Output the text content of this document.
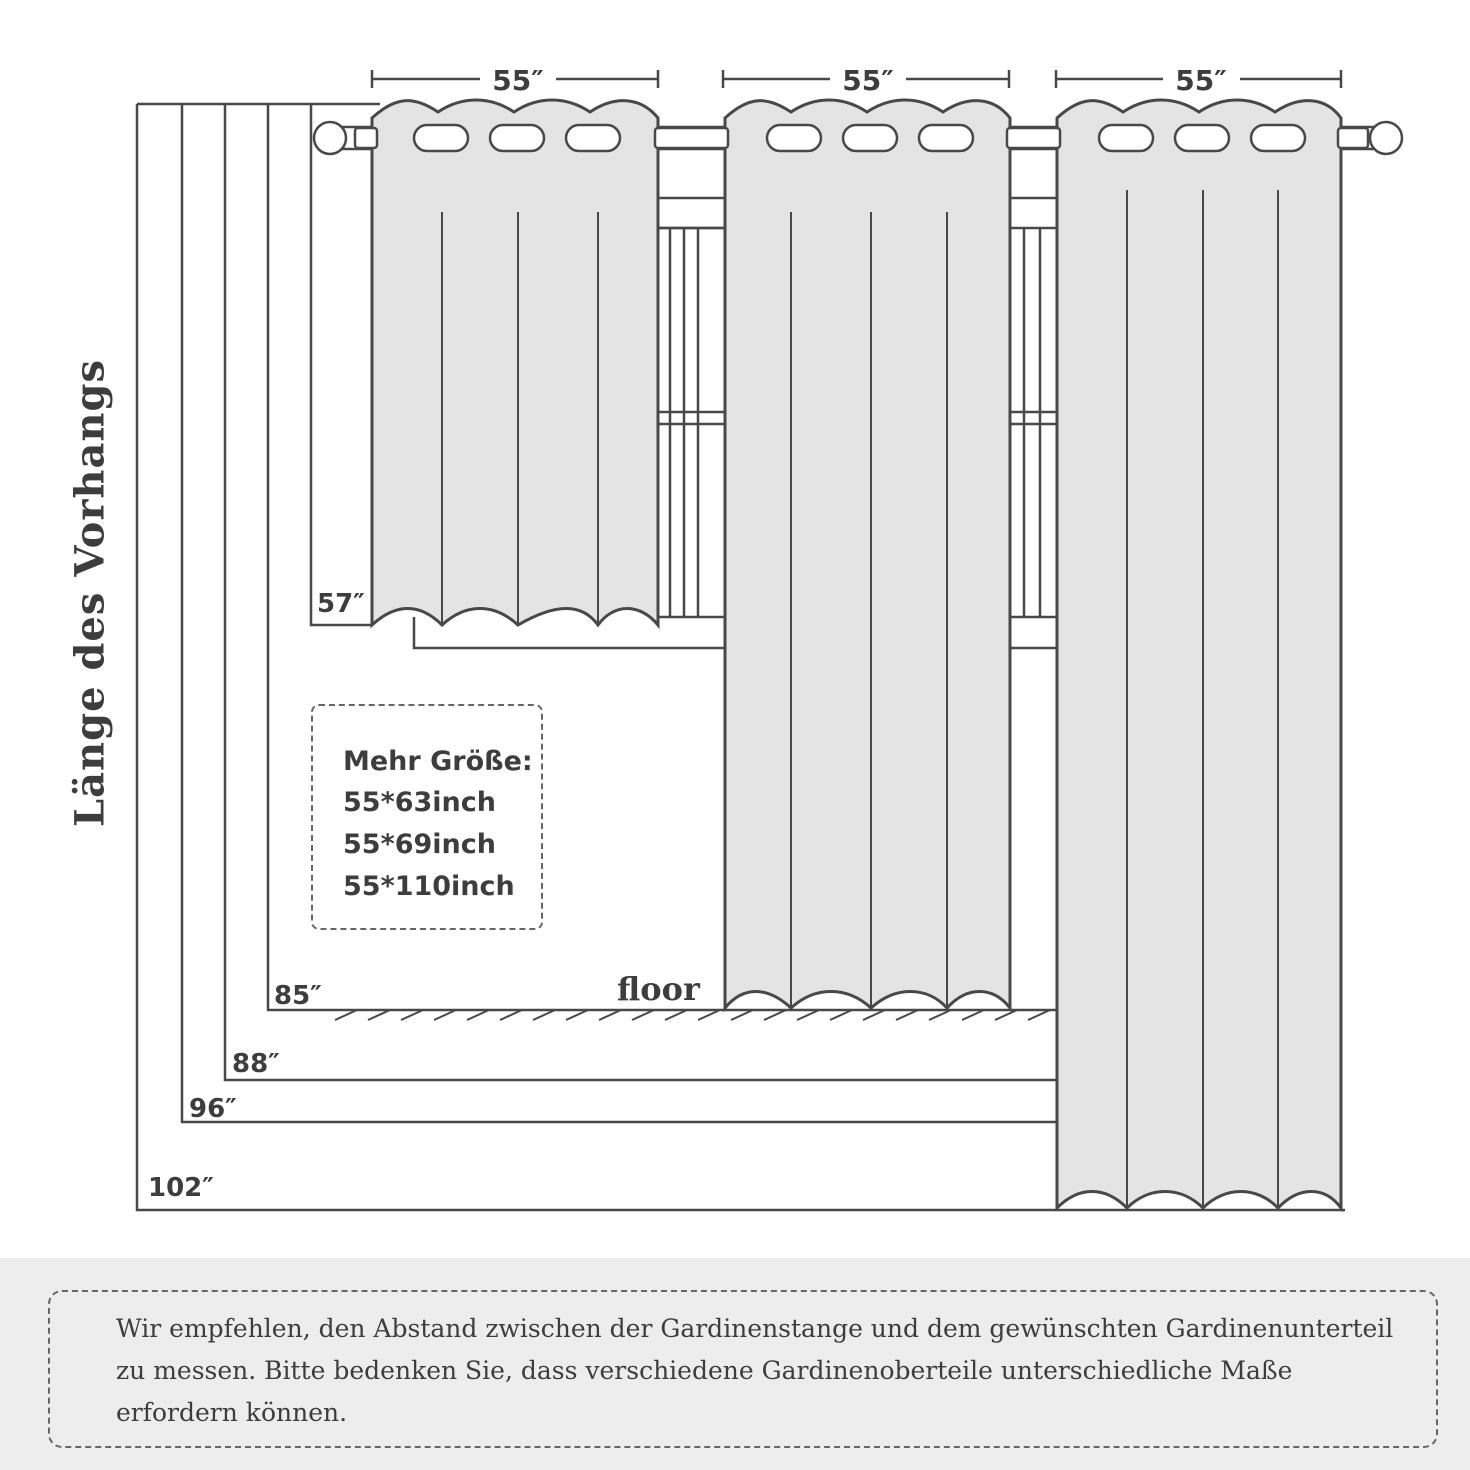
55″	55″	55″
57″
85″
88″
96″
102″
floor
Länge des Vorhangs	Mehr Größe:
55*63inch
55*69inch
55*110inch
Wir empfehlen, den Abstand zwischen der Gardinenstange und dem gewünschten Gardinenunterteil zu messen. Bitte bedenken Sie, dass verschiedene Gardinenoberteile unterschiedliche Maße erfordern können.
